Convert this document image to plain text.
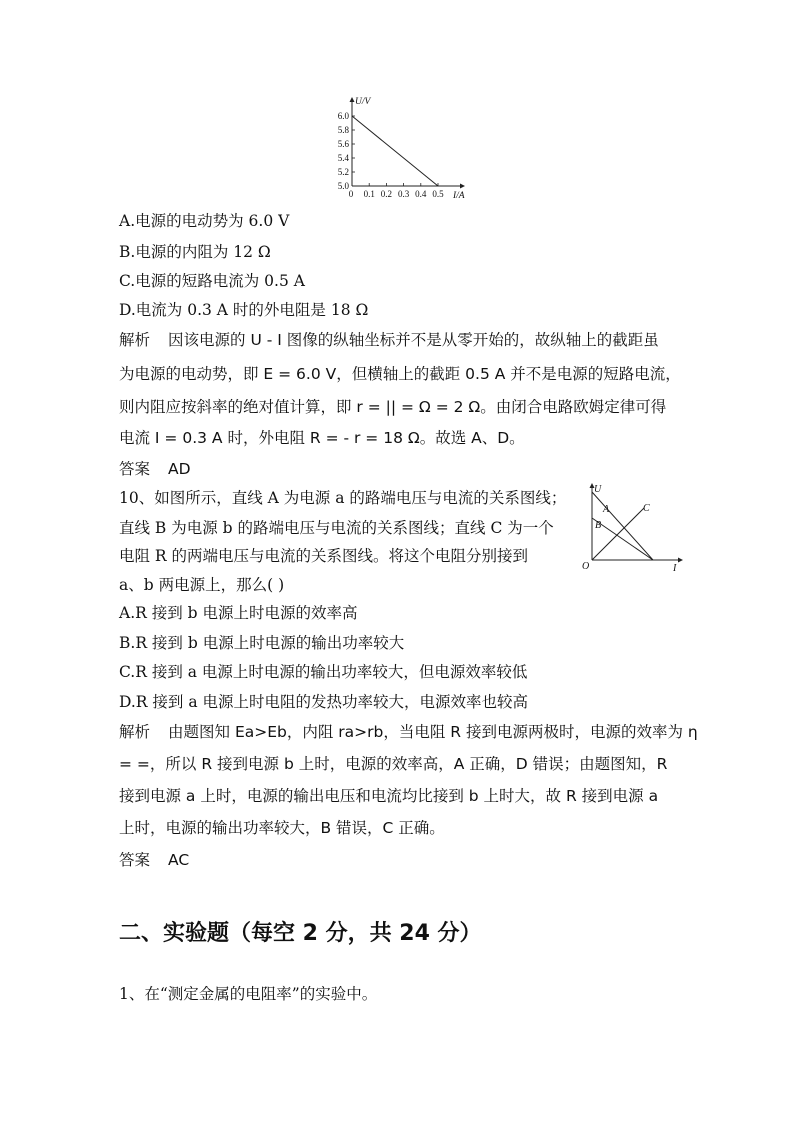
U/V
I/A
5.0
5.2
5.4
5.6
5.8
6.0
0 0.1 0.2 0.3 0.4 0.5
A.电源的电动势为 6.0 V
B.电源的内阻为 12 Ω
C.电源的短路电流为 0.5 A
D.电流为 0.3 A 时的外电阻是 18 Ω
解析 因该电源的 U - I 图像的纵轴坐标并不是从零开始的，故纵轴上的截距虽
为电源的电动势，即 E = 6.0 V，但横轴上的截距 0.5 A 并不是电源的短路电流，
则内阻应按斜率的绝对值计算，即 r = || = Ω = 2 Ω。由闭合电路欧姆定律可得
电流 I = 0.3 A 时，外电阻 R = - r = 18 Ω。故选 A、D。
答案 AD
10、如图所示，直线 A 为电源 a 的路端电压与电流的关系图线；
直线 B 为电源 b 的路端电压与电流的关系图线；直线 C 为一个
电阻 R 的两端电压与电流的关系图线。将这个电阻分别接到
a、b 两电源上，那么( )
U
A
B
C
O	I
A.R 接到 b 电源上时电源的效率高
B.R 接到 b 电源上时电源的输出功率较大
C.R 接到 a 电源上时电源的输出功率较大，但电源效率较低
D.R 接到 a 电源上时电阻的发热功率较大，电源效率也较高
解析 由题图知 Ea>Eb，内阻 ra>rb，当电阻 R 接到电源两极时，电源的效率为 η
= =，所以 R 接到电源 b 上时，电源的效率高，A 正确，D 错误；由题图知，R
接到电源 a 上时，电源的输出电压和电流均比接到 b 上时大，故 R 接到电源 a
上时，电源的输出功率较大，B 错误，C 正确。
答案 AC
二、实验题（每空 2 分，共 24 分）
1、在“测定金属的电阻率”的实验中。
